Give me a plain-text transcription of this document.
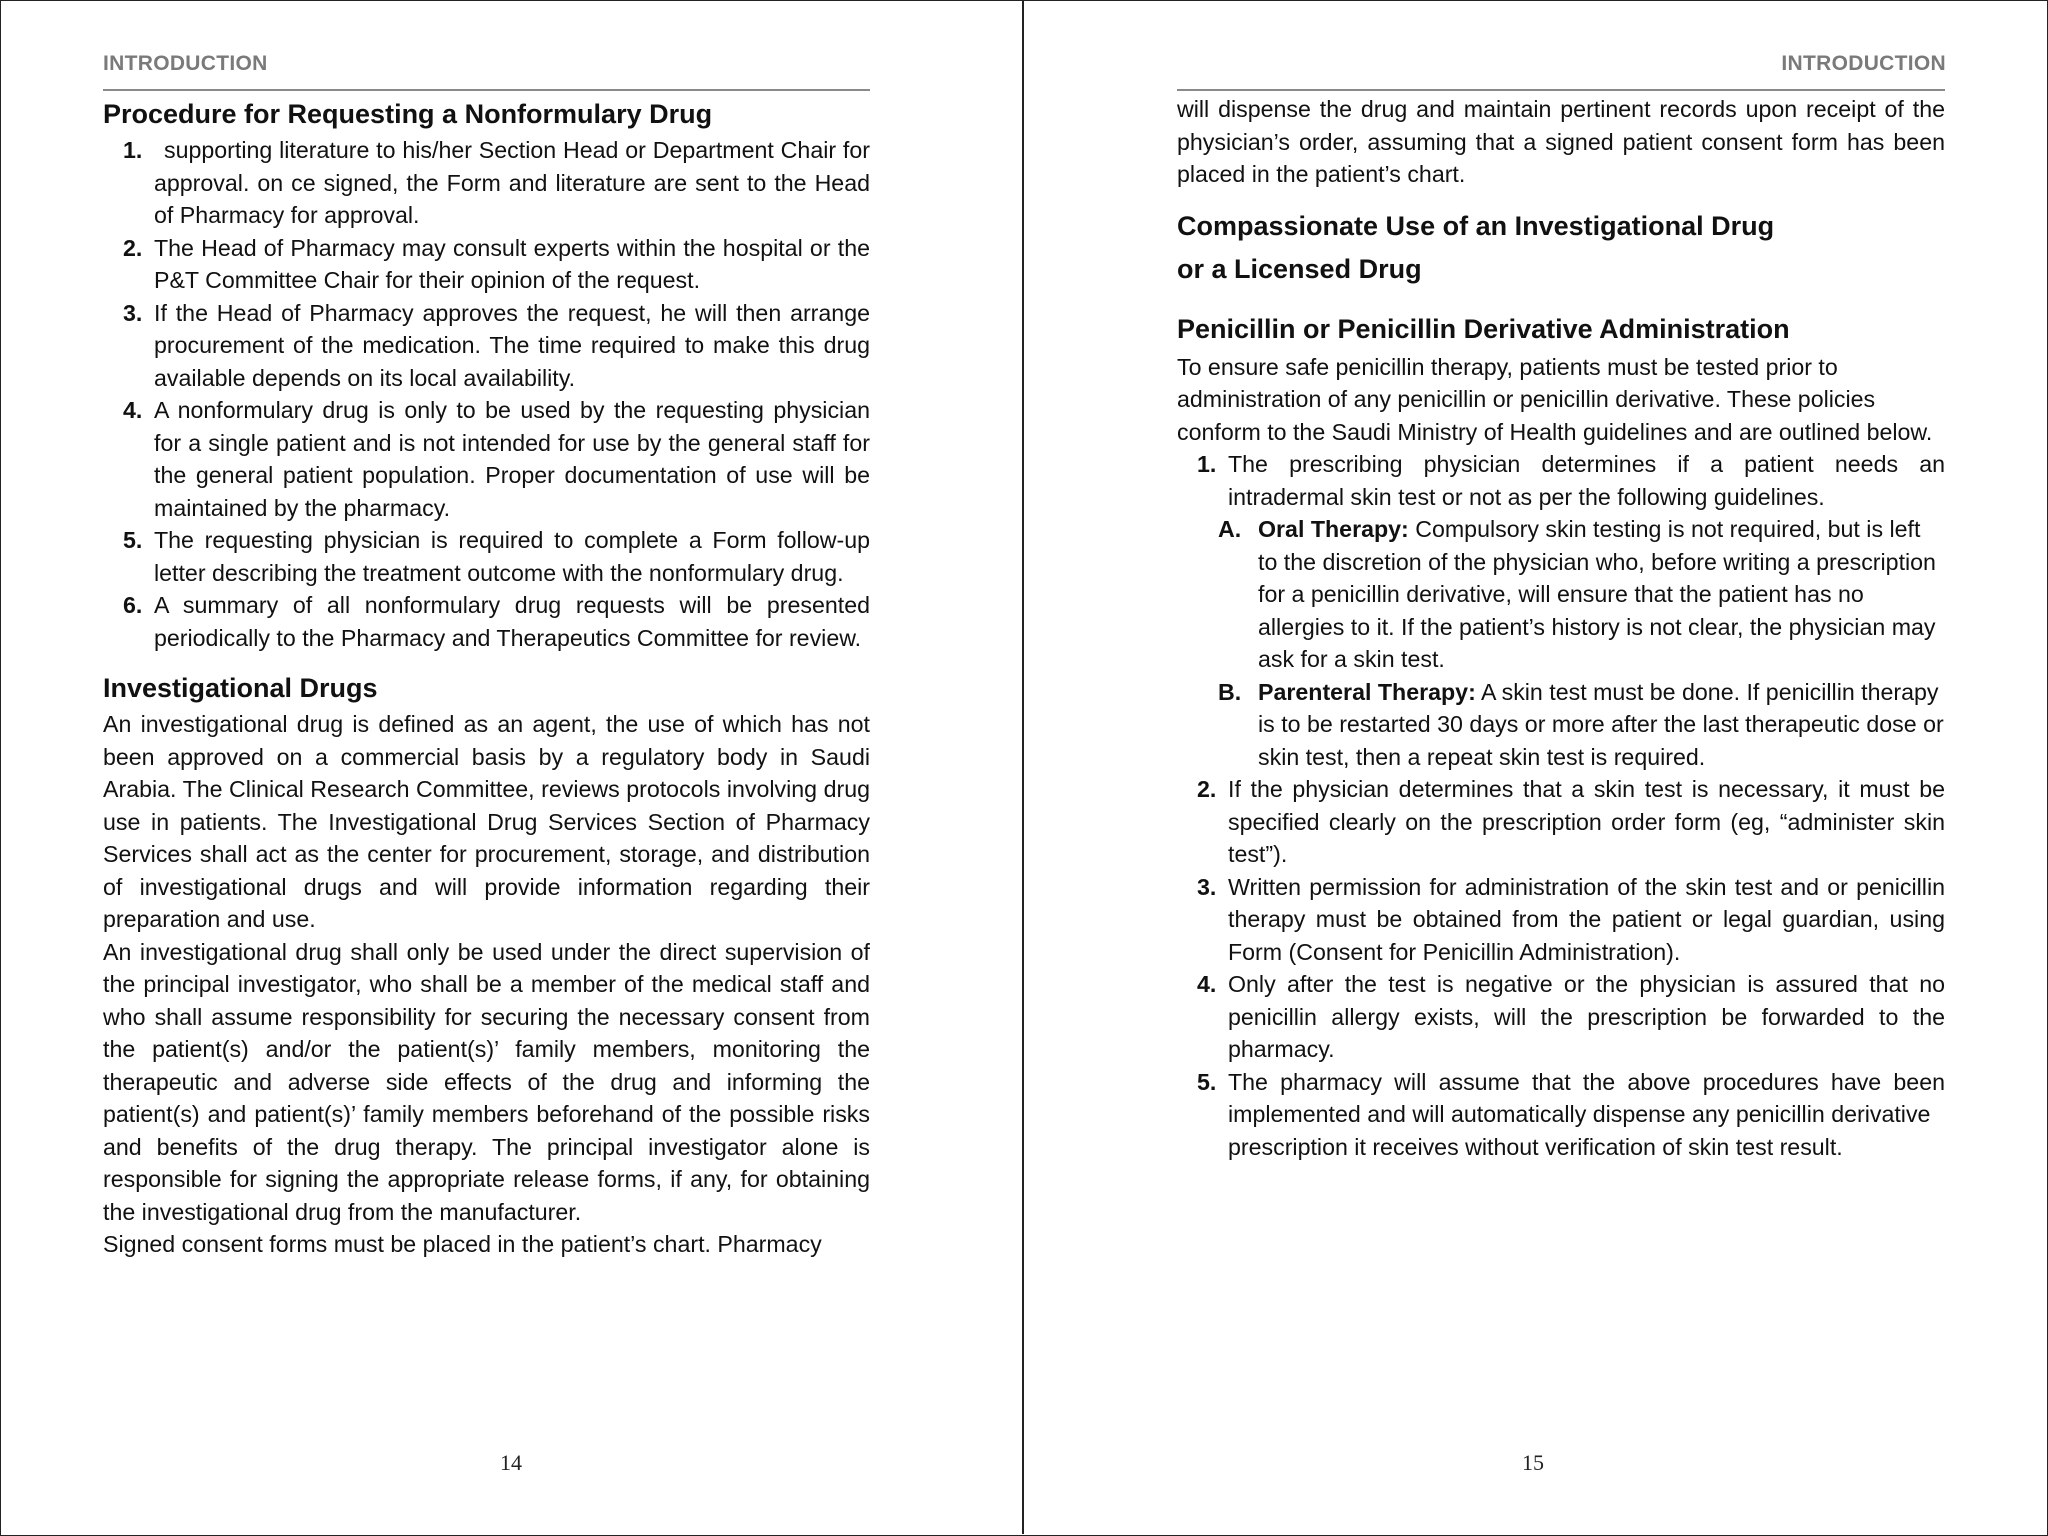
INTRODUCTION
Procedure for Requesting a Nonformulary Drug
1. supporting literature to his/her Section Head or Department Chair for approval. on ce signed, the Form and literature are sent to the Head of Pharmacy for approval.
2. The Head of Pharmacy may consult experts within the hospital or the P&T Committee Chair for their opinion of the request.
3. If the Head of Pharmacy approves the request, he will then arrange procurement of the medication. The time required to make this drug available depends on its local availability.
4. A nonformulary drug is only to be used by the requesting physician for a single patient and is not intended for use by the general staff for the general patient population. Proper documentation of use will be maintained by the pharmacy.
5. The requesting physician is required to complete a Form follow-up letter describing the treatment outcome with the nonformulary drug.
6. A summary of all nonformulary drug requests will be presented periodically to the Pharmacy and Therapeutics Committee for review.
Investigational Drugs

An investigational drug is defined as an agent, the use of which has not been approved on a commercial basis by a regulatory body in Saudi Arabia. The Clinical Research Committee, reviews protocols involving drug use in patients. The Investigational Drug Services Section of Pharmacy Services shall act as the center for procurement, storage, and distribution of investigational drugs and will provide information regarding their preparation and use.

An investigational drug shall only be used under the direct supervision of the principal investigator, who shall be a member of the medical staff and who shall assume responsibility for securing the necessary consent from the patient(s) and/or the patient(s)’ family members, monitoring the therapeutic and adverse side effects of the drug and informing the patient(s) and patient(s)’ family members beforehand of the possible risks and benefits of the drug therapy. The principal investigator alone is responsible for signing the appropriate release forms, if any, for obtaining the investigational drug from the manufacturer.

Signed consent forms must be placed in the patient’s chart. Pharmacy

14
INTRODUCTION

will dispense the drug and maintain pertinent records upon receipt of the physician’s order, assuming that a signed patient consent form has been placed in the patient’s chart.

Compassionate Use of an Investigational Drug
or a Licensed Drug
Penicillin or Penicillin Derivative Administration

To ensure safe penicillin therapy, patients must be tested prior to administration of any penicillin or penicillin derivative. These policies conform to the Saudi Ministry of Health guidelines and are outlined below.

1. The prescribing physician determines if a patient needs an intradermal skin test or not as per the following guidelines.
A. Oral Therapy: Compulsory skin testing is not required, but is left to the discretion of the physician who, before writing a prescription for a penicillin derivative, will ensure that the patient has no allergies to it. If the patient’s history is not clear, the physician may ask for a skin test.
B. Parenteral Therapy: A skin test must be done. If penicillin therapy is to be restarted 30 days or more after the last therapeutic dose or skin test, then a repeat skin test is required.
2. If the physician determines that a skin test is necessary, it must be specified clearly on the prescription order form (eg, “administer skin test”).
3. Written permission for administration of the skin test and or penicillin therapy must be obtained from the patient or legal guardian, using Form (Consent for Penicillin Administration).
4. Only after the test is negative or the physician is assured that no penicillin allergy exists, will the prescription be forwarded to the pharmacy.
5. The pharmacy will assume that the above procedures have been implemented and will automatically dispense any penicillin derivative
prescription it receives without verification of skin test result.
15
